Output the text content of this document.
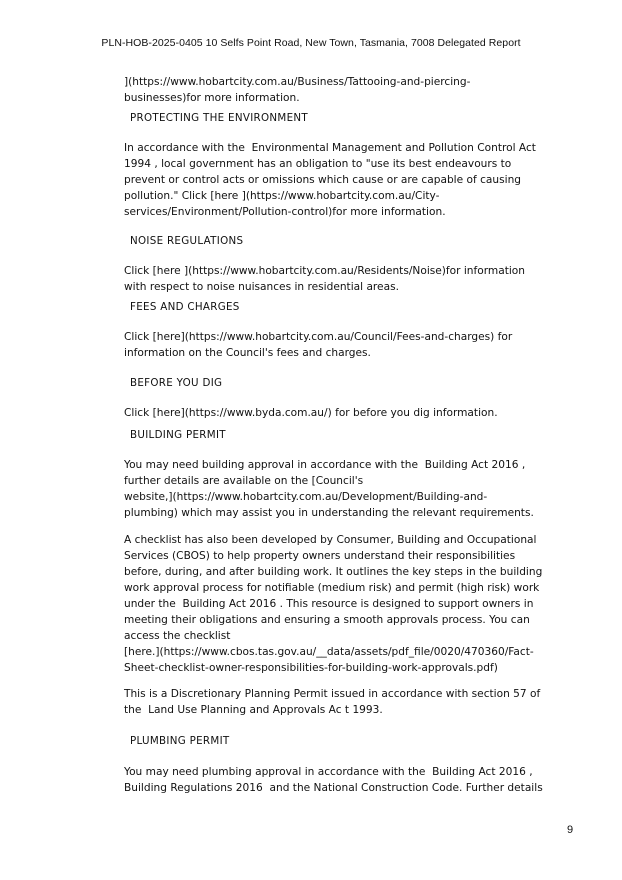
PLN-HOB-2025-0405 10 Selfs Point Road, New Town, Tasmania, 7008 Delegated Report
](https://www.hobartcity.com.au/Business/Tattooing-and-piercing-
businesses)for more information.
PROTECTING THE ENVIRONMENT
In accordance with the  Environmental Management and Pollution Control Act
1994 , local government has an obligation to "use its best endeavours to
prevent or control acts or omissions which cause or are capable of causing
pollution." Click [here ](https://www.hobartcity.com.au/City-
services/Environment/Pollution-control)for more information.
NOISE REGULATIONS
Click [here ](https://www.hobartcity.com.au/Residents/Noise)for information
with respect to noise nuisances in residential areas.
FEES AND CHARGES
Click [here](https://www.hobartcity.com.au/Council/Fees-and-charges) for
information on the Council's fees and charges.
BEFORE YOU DIG
Click [here](https://www.byda.com.au/) for before you dig information.
BUILDING PERMIT
You may need building approval in accordance with the  Building Act 2016 ,
further details are available on the [Council's
website,](https://www.hobartcity.com.au/Development/Building-and-
plumbing) which may assist you in understanding the relevant requirements.
A checklist has also been developed by Consumer, Building and Occupational
Services (CBOS) to help property owners understand their responsibilities
before, during, and after building work. It outlines the key steps in the building
work approval process for notifiable (medium risk) and permit (high risk) work
under the  Building Act 2016 . This resource is designed to support owners in
meeting their obligations and ensuring a smooth approvals process. You can
access the checklist
[here.](https://www.cbos.tas.gov.au/__data/assets/pdf_file/0020/470360/Fact-
Sheet-checklist-owner-responsibilities-for-building-work-approvals.pdf)
This is a Discretionary Planning Permit issued in accordance with section 57 of
the  Land Use Planning and Approvals Ac t 1993.
PLUMBING PERMIT
You may need plumbing approval in accordance with the  Building Act 2016 ,
Building Regulations 2016  and the National Construction Code. Further details
9
